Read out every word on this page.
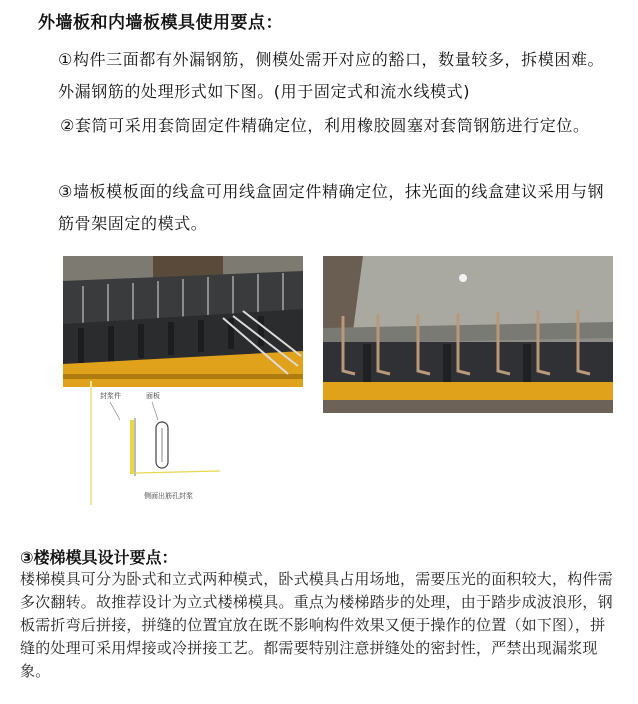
外墙板和内墙板模具使用要点：
①构件三面都有外漏钢筋，侧模处需开对应的豁口，数量较多，拆模困难。外漏钢筋的处理形式如下图。(用于固定式和流水线模式)
②套筒可采用套筒固定件精确定位，利用橡胶圆塞对套筒钢筋进行定位。
③墙板模板面的线盒可用线盒固定件精确定位，抹光面的线盒建议采用与钢筋骨架固定的模式。
封浆件	面板
侧面出筋孔封浆
③楼梯模具设计要点：
楼梯模具可分为卧式和立式两种模式，卧式模具占用场地，需要压光的面积较大，构件需多次翻转。故推荐设计为立式楼梯模具。重点为楼梯踏步的处理，由于踏步成波浪形，钢板需折弯后拼接，拼缝的位置宜放在既不影响构件效果又便于操作的位置（如下图），拼缝的处理可采用焊接或冷拼接工艺。都需要特别注意拼缝处的密封性，严禁出现漏浆现象。
